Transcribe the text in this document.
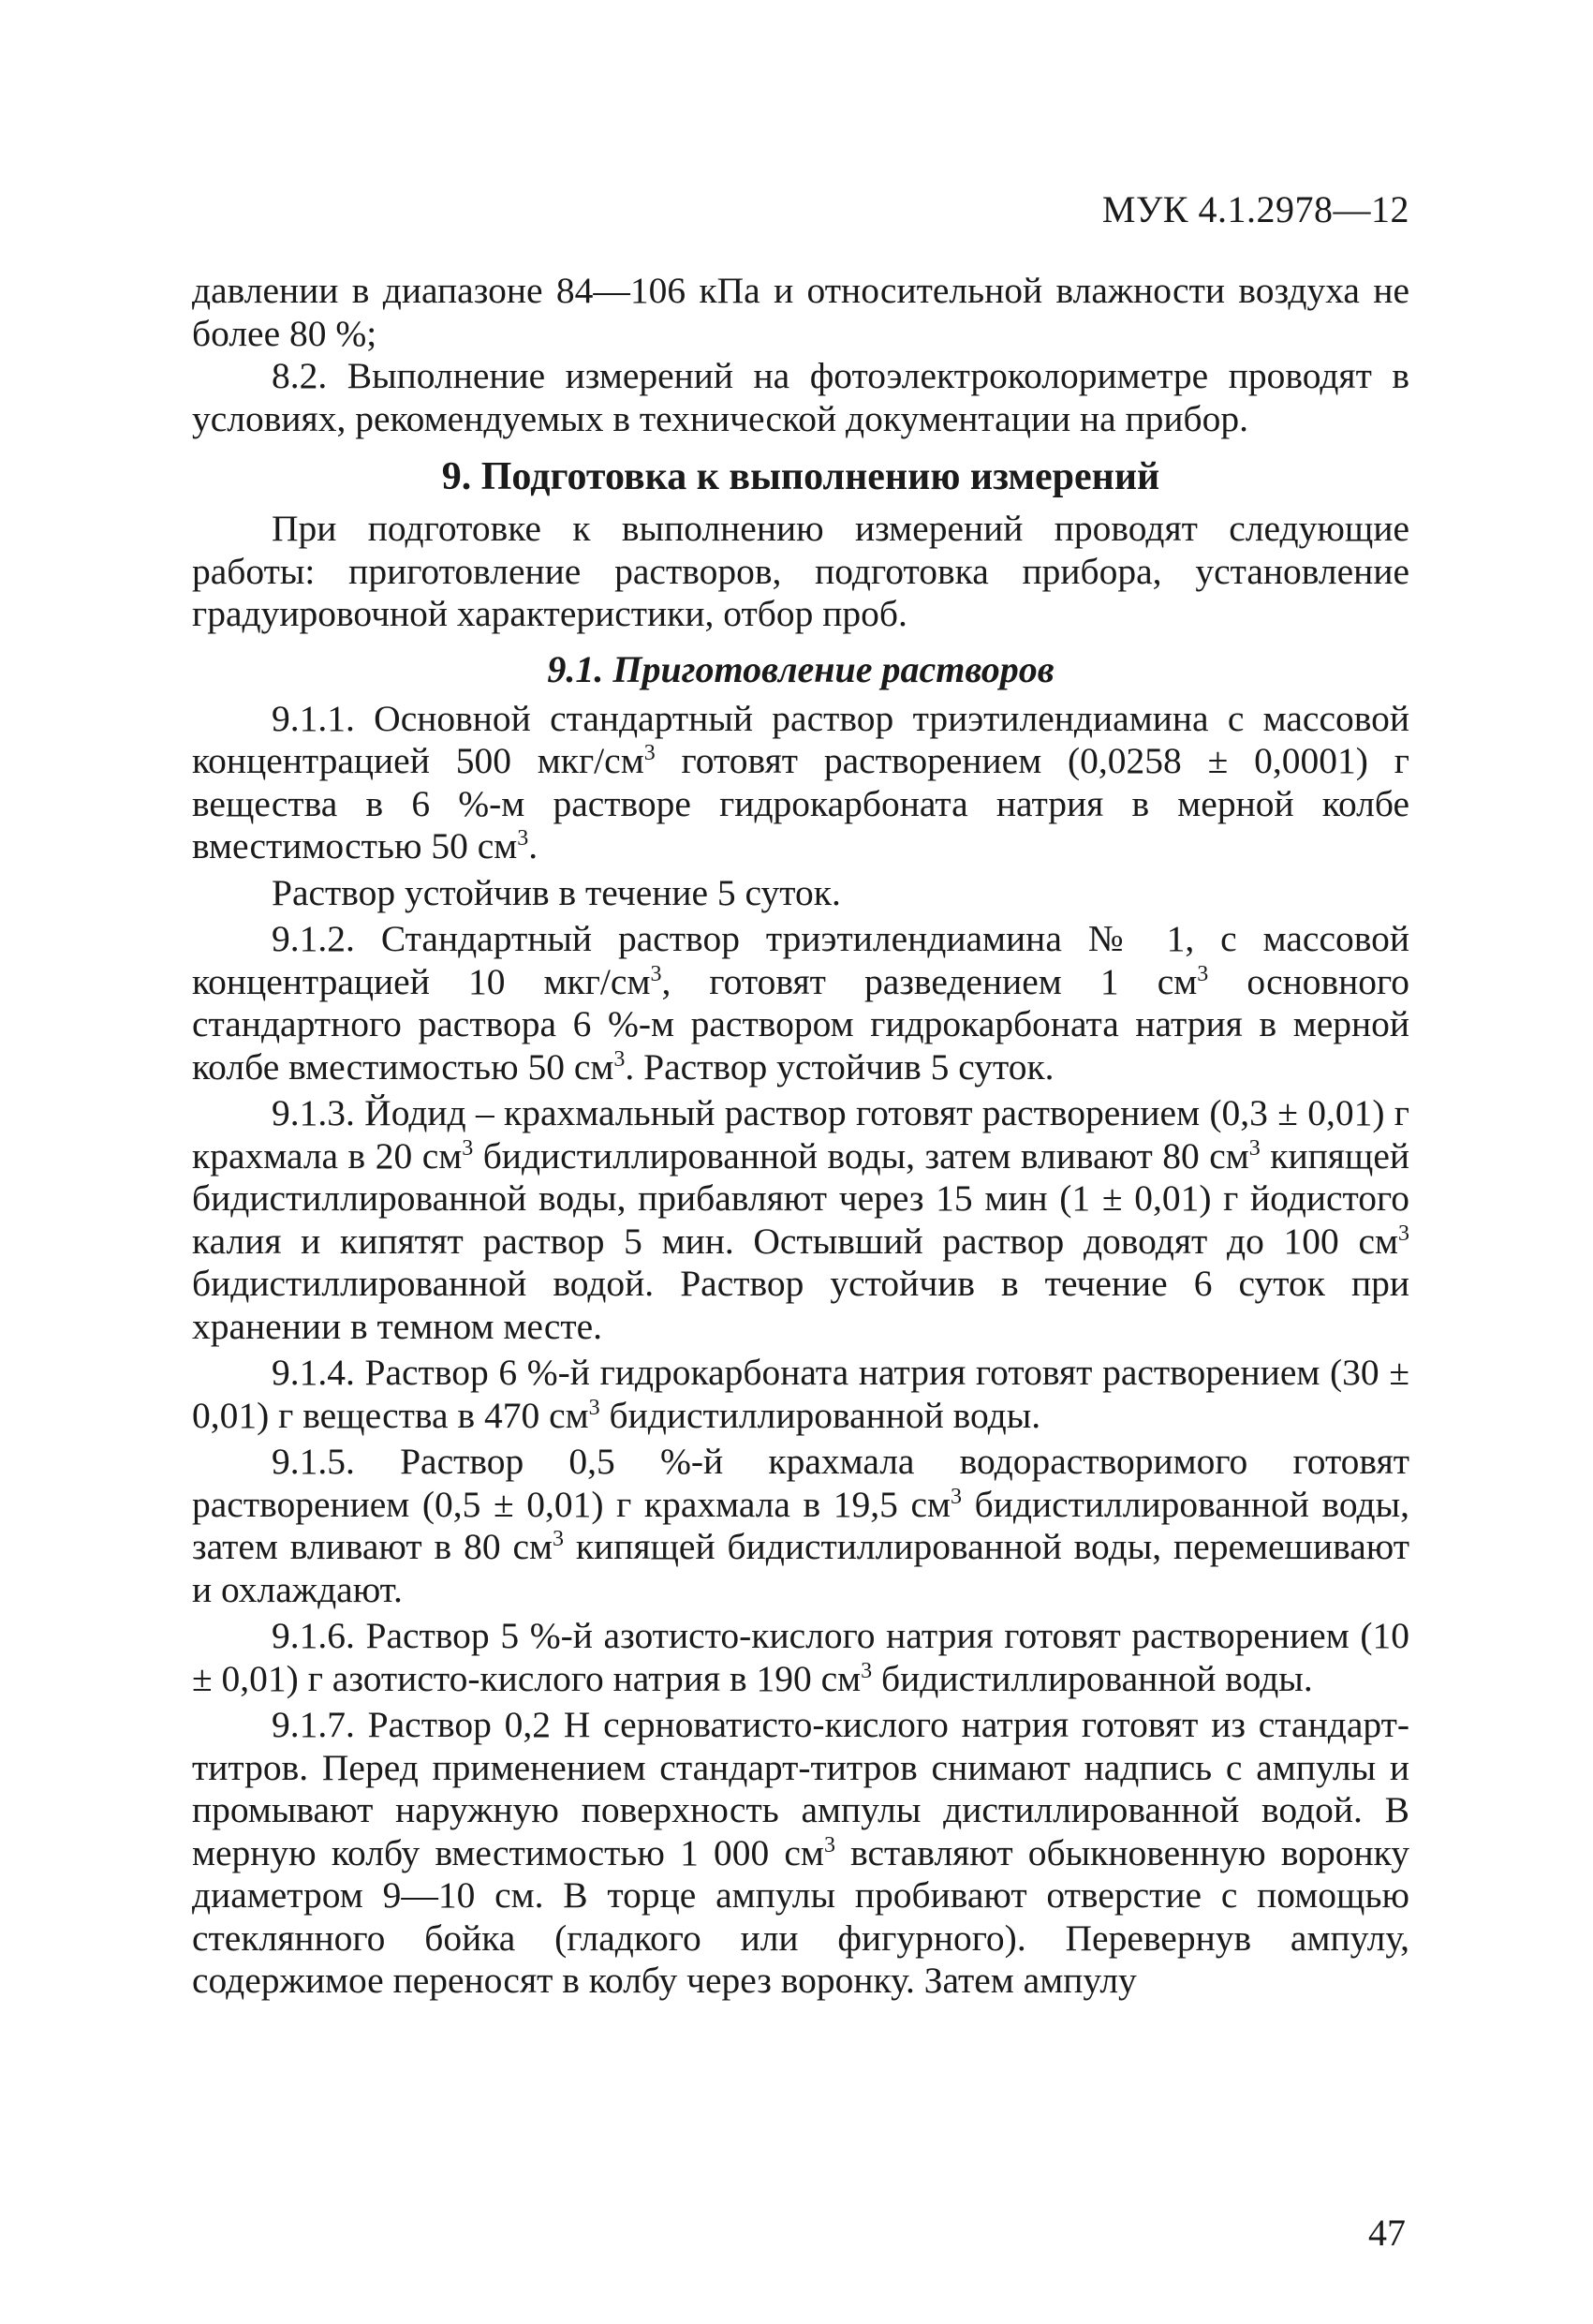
МУК 4.1.2978—12

давлении в диапазоне 84—106 кПа и относительной влажности воздуха не более 80 %;

8.2. Выполнение измерений на фотоэлектроколориметре проводят в условиях, рекомендуемых в технической документации на прибор.

9. Подготовка к выполнению измерений

При подготовке к выполнению измерений проводят следующие работы: приготовление растворов, подготовка прибора, установление градуировочной характеристики, отбор проб.

9.1. Приготовление растворов

9.1.1. Основной стандартный раствор триэтилендиамина с массовой концентрацией 500 мкг/$см^3$ готовят растворением (0,0258 ± 0,0001) г вещества в 6 %-м растворе гидрокарбоната натрия в мерной колбе вместимостью 50 $см^3$.

Раствор устойчив в течение 5 суток.

9.1.2. Стандартный раствор триэтилендиамина № 1, с массовой концентрацией 10 мкг/$см^3$, готовят разведением 1 $см^3$ основного стандартного раствора 6 %-м раствором гидрокарбоната натрия в мерной колбе вместимостью 50 $см^3$. Раствор устойчив 5 суток.

9.1.3. Йодид – крахмальный раствор готовят растворением (0,3 ± 0,01) г крахмала в 20 $см^3$ бидистиллированной воды, затем вливают 80 $см^3$ кипящей бидистиллированной воды, прибавляют через 15 мин (1 ± 0,01) г йодистого калия и кипятят раствор 5 мин. Остывший раствор доводят до 100 $см^3$ бидистиллированной водой. Раствор устойчив в течение 6 суток при хранении в темном месте.

9.1.4. Раствор 6 %-й гидрокарбоната натрия готовят растворением (30 ± 0,01) г вещества в 470 $см^3$ бидистиллированной воды.

9.1.5. Раствор 0,5 %-й крахмала водорастворимого готовят растворением (0,5 ± 0,01) г крахмала в 19,5 $см^3$ бидистиллированной воды, затем вливают в 80 $см^3$ кипящей бидистиллированной воды, перемешивают и охлаждают.

9.1.6. Раствор 5 %-й азотисто-кислого натрия готовят растворением (10 ± 0,01) г азотисто-кислого натрия в 190 $см^3$ бидистиллированной воды.

9.1.7. Раствор 0,2 Н серноватисто-кислого натрия готовят из стандарт-титров. Перед применением стандарт-титров снимают надпись с ампулы и промывают наружную поверхность ампулы дистиллированной водой. В мерную колбу вместимостью 1 000 $см^3$ вставляют обыкновенную воронку диаметром 9—10 см. В торце ампулы пробивают отверстие с помощью стеклянного бойка (гладкого или фигурного). Перевернув ампулу, содержимое переносят в колбу через воронку. Затем ампулу

47
